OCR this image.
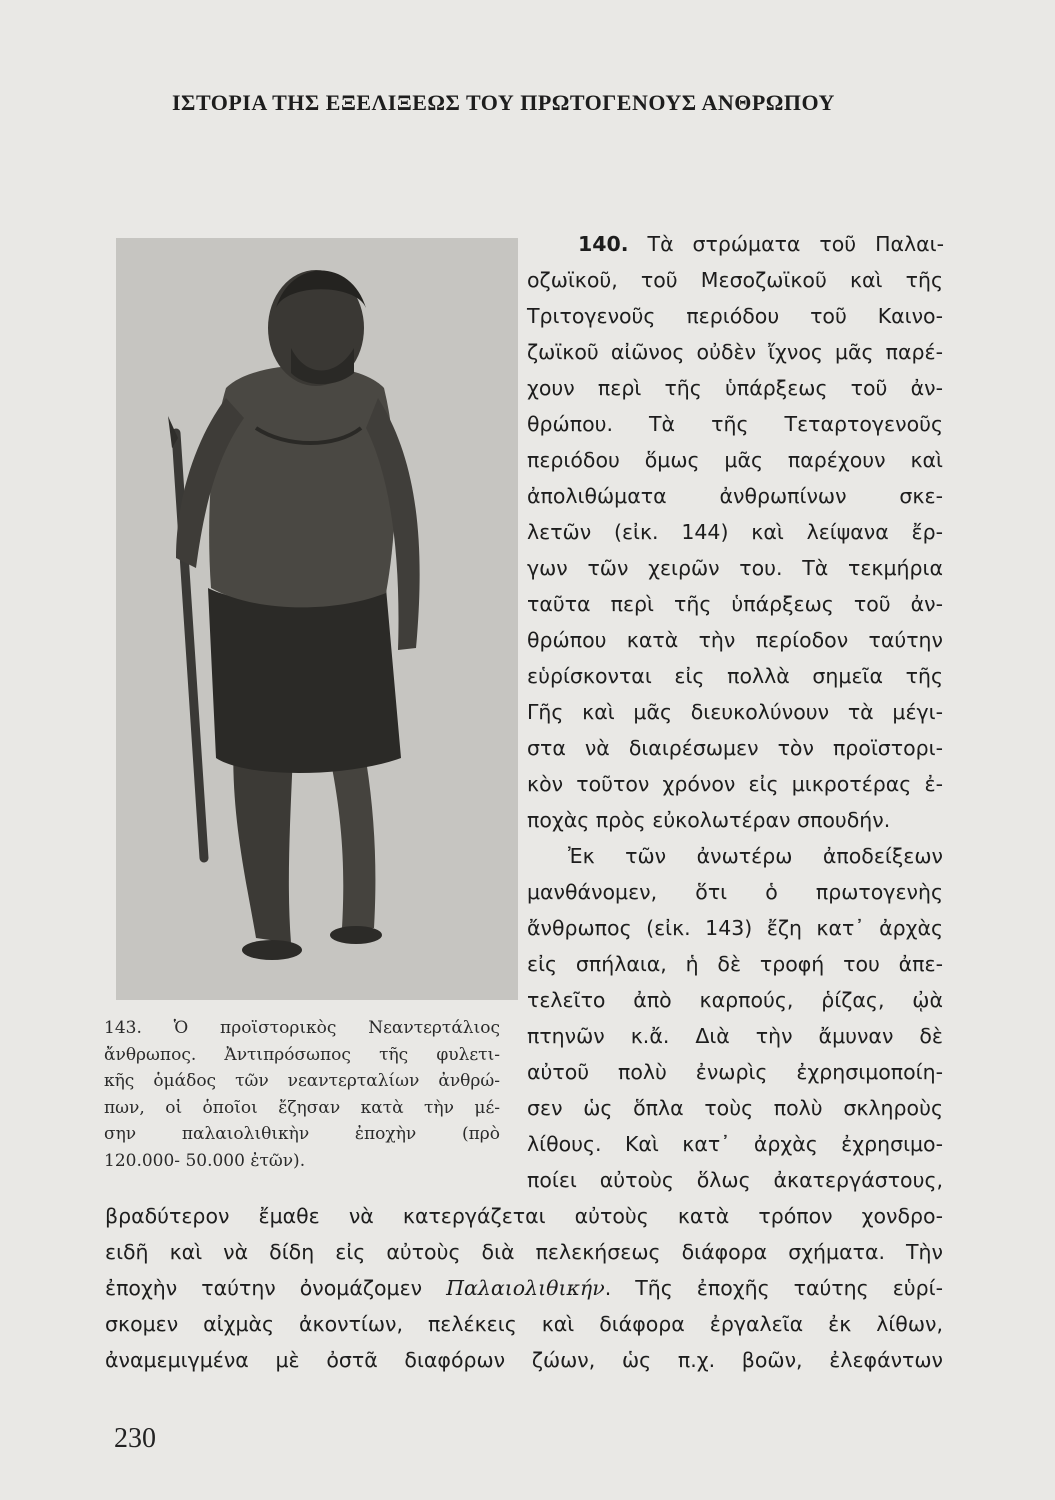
ΙΣΤΟΡΙΑ ΤΗΣ ΕΞΕΛΙΞΕΩΣ ΤΟΥ ΠΡΩΤΟΓΕΝΟΥΣ ΑΝΘΡΩΠΟΥ
143. Ὁ προϊστορικὸς Νεαντερτάλιος
ἄνθρωπος. Ἀντιπρόσωπος τῆς φυλετι-
κῆς ὁμάδος τῶν νεαντερταλίων ἀνθρώ-
πων, οἱ ὁποῖοι ἔζησαν κατὰ τὴν μέ-
σην παλαιολιθικὴν ἐποχὴν (πρὸ
120.000- 50.000 ἐτῶν).
140. Τὰ στρώματα τοῦ Παλαι-
οζωϊκοῦ, τοῦ Μεσοζωϊκοῦ καὶ τῆς
Τριτογενοῦς περιόδου τοῦ Καινο-
ζωϊκοῦ αἰῶνος οὐδὲν ἴχνος μᾶς παρέ-
χουν περὶ τῆς ὑπάρξεως τοῦ ἀν-
θρώπου. Τὰ τῆς Τεταρτογενοῦς
περιόδου ὅμως μᾶς παρέχουν καὶ
ἀπολιθώματα ἀνθρωπίνων σκε-
λετῶν (εἰκ. 144) καὶ λείψανα ἔρ-
γων τῶν χειρῶν του. Τὰ τεκμήρια
ταῦτα περὶ τῆς ὑπάρξεως τοῦ ἀν-
θρώπου κατὰ τὴν περίοδον ταύτην
εὑρίσκονται εἰς πολλὰ σημεῖα τῆς
Γῆς καὶ μᾶς διευκολύνουν τὰ μέγι-
στα νὰ διαιρέσωμεν τὸν προϊστορι-
κὸν τοῦτον χρόνον εἰς μικροτέρας ἐ-
ποχὰς πρὸς εὐκολωτέραν σπουδήν.
Ἐκ τῶν ἀνωτέρω ἀποδείξεων
μανθάνομεν, ὅτι ὁ πρωτογενὴς
ἄνθρωπος (εἰκ. 143) ἔζη κατ᾽ ἀρχὰς
εἰς σπήλαια, ἡ δὲ τροφή του ἀπε-
τελεῖτο ἀπὸ καρπούς, ῥίζας, ᾠὰ
πτηνῶν κ.ἄ. Διὰ τὴν ἄμυναν δὲ
αὐτοῦ πολὺ ἐνωρὶς ἐχρησιμοποίη-
σεν ὡς ὅπλα τοὺς πολὺ σκληροὺς
λίθους. Καὶ κατ᾽ ἀρχὰς ἐχρησιμο-
ποίει αὐτοὺς ὅλως ἀκατεργάστους,
βραδύτερον ἔμαθε νὰ κατεργάζεται αὐτοὺς κατὰ τρόπον χονδρο-
ειδῆ καὶ νὰ δίδη εἰς αὐτοὺς διὰ πελεκήσεως διάφορα σχήματα. Τὴν
ἐποχὴν ταύτην ὀνομάζομεν Παλαιολιθικήν. Τῆς ἐποχῆς ταύτης εὑρί-
σκομεν αἰχμὰς ἀκοντίων, πελέκεις καὶ διάφορα ἐργαλεῖα ἐκ λίθων,
ἀναμεμιγμένα μὲ ὀστᾶ διαφόρων ζώων, ὡς π.χ. βοῶν, ἐλεφάντων
230
